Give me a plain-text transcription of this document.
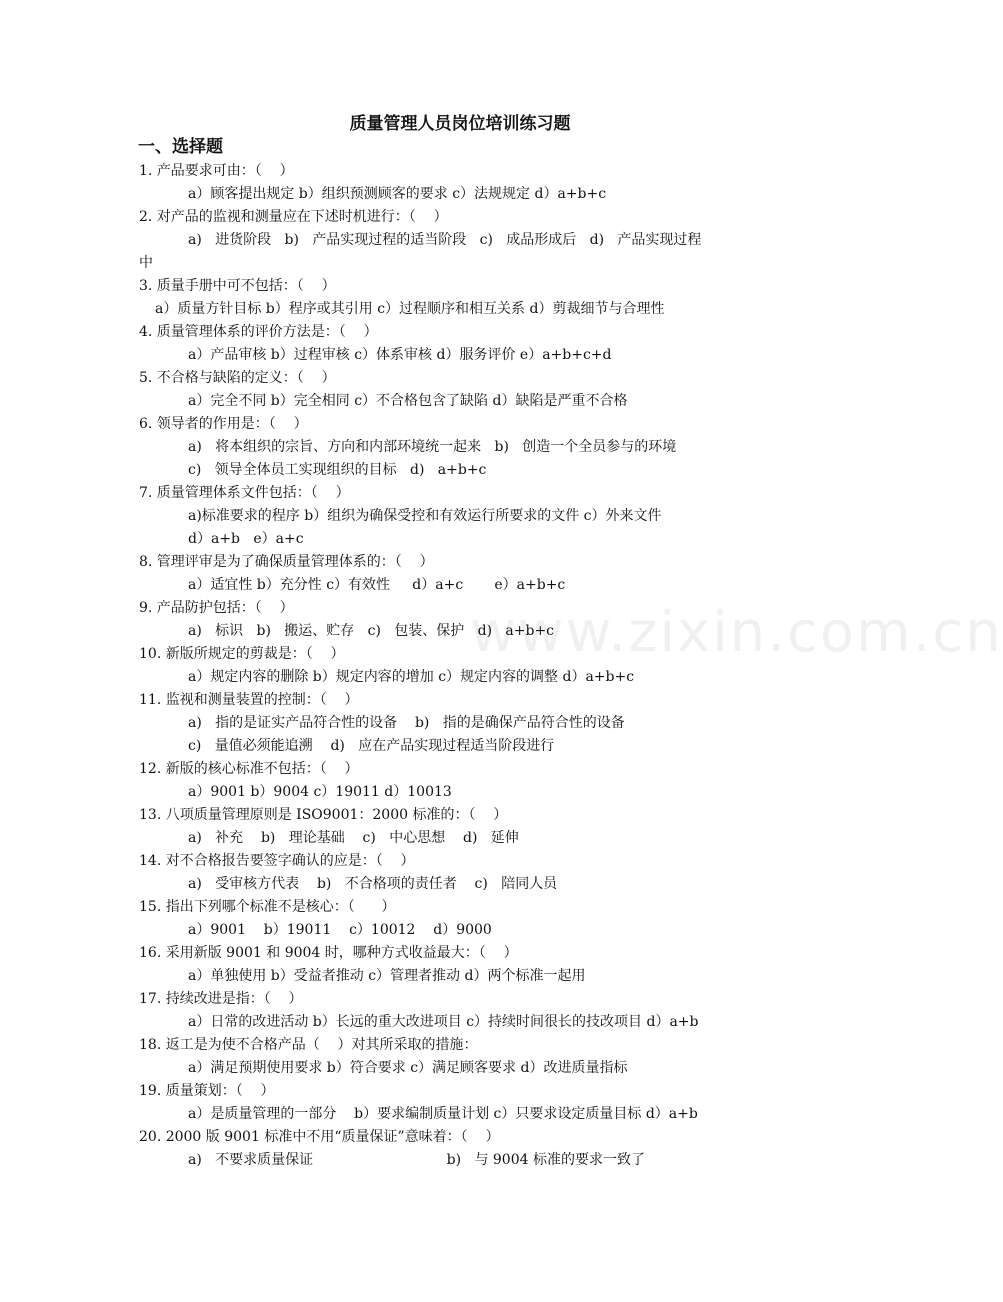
www.zixin.com.cn
质量管理人员岗位培训练习题
一、选择题
1. 产品要求可由：（    ）
a）顾客提出规定 b）组织预测顾客的要求 c）法规规定 d）a+b+c
2. 对产品的监视和测量应在下述时机进行：（    ）
a)   进货阶段   b)   产品实现过程的适当阶段   c)   成品形成后   d)   产品实现过程
中
3. 质量手册中可不包括：（    ）
a）质量方针目标 b）程序或其引用 c）过程顺序和相互关系 d）剪裁细节与合理性
4. 质量管理体系的评价方法是：（    ）
a）产品审核 b）过程审核 c）体系审核 d）服务评价 e）a+b+c+d
5. 不合格与缺陷的定义：（    ）
a）完全不同 b）完全相同 c）不合格包含了缺陷 d）缺陷是严重不合格
6. 领导者的作用是：（    ）
a)   将本组织的宗旨、方向和内部环境统一起来   b)   创造一个全员参与的环境
c)   领导全体员工实现组织的目标   d)   a+b+c
7. 质量管理体系文件包括：（    ）
a)标准要求的程序 b）组织为确保受控和有效运行所要求的文件 c）外来文件
d）a+b   e）a+c
8. 管理评审是为了确保质量管理体系的：（    ）
a）适宜性 b）充分性 c）有效性     d）a+c       e）a+b+c
9. 产品防护包括：（    ）
a)   标识   b)   搬运、贮存   c)   包装、保护   d)   a+b+c
10. 新版所规定的剪裁是：（    ）
a）规定内容的删除 b）规定内容的增加 c）规定内容的调整 d）a+b+c
11. 监视和测量装置的控制：（    ）
a)   指的是证实产品符合性的设备    b)   指的是确保产品符合性的设备
c)   量值必须能追溯    d)   应在产品实现过程适当阶段进行
12. 新版的核心标准不包括：（    ）
a）9001 b）9004 c）19011 d）10013
13. 八项质量管理原则是 ISO9001：2000 标准的：（    ）
a)   补充    b)   理论基础    c)   中心思想    d)   延伸
14. 对不合格报告要签字确认的应是：（    ）
a)   受审核方代表    b)   不合格项的责任者    c)   陪同人员
15. 指出下列哪个标准不是核心：（      ）
a）9001    b）19011    c）10012    d）9000
16. 采用新版 9001 和 9004 时，哪种方式收益最大：（    ）
a）单独使用 b）受益者推动 c）管理者推动 d）两个标准一起用
17. 持续改进是指：（    ）
a）日常的改进活动 b）长远的重大改进项目 c）持续时间很长的技改项目 d）a+b
18. 返工是为使不合格产品（    ）对其所采取的措施：
a）满足预期使用要求 b）符合要求 c）满足顾客要求 d）改进质量指标
19. 质量策划：（    ）
a）是质量管理的一部分    b）要求编制质量计划 c）只要求设定质量目标 d）a+b
20. 2000 版 9001 标准中不用“质量保证”意味着：（    ）
a)   不要求质量保证                              b)   与 9004 标准的要求一致了
